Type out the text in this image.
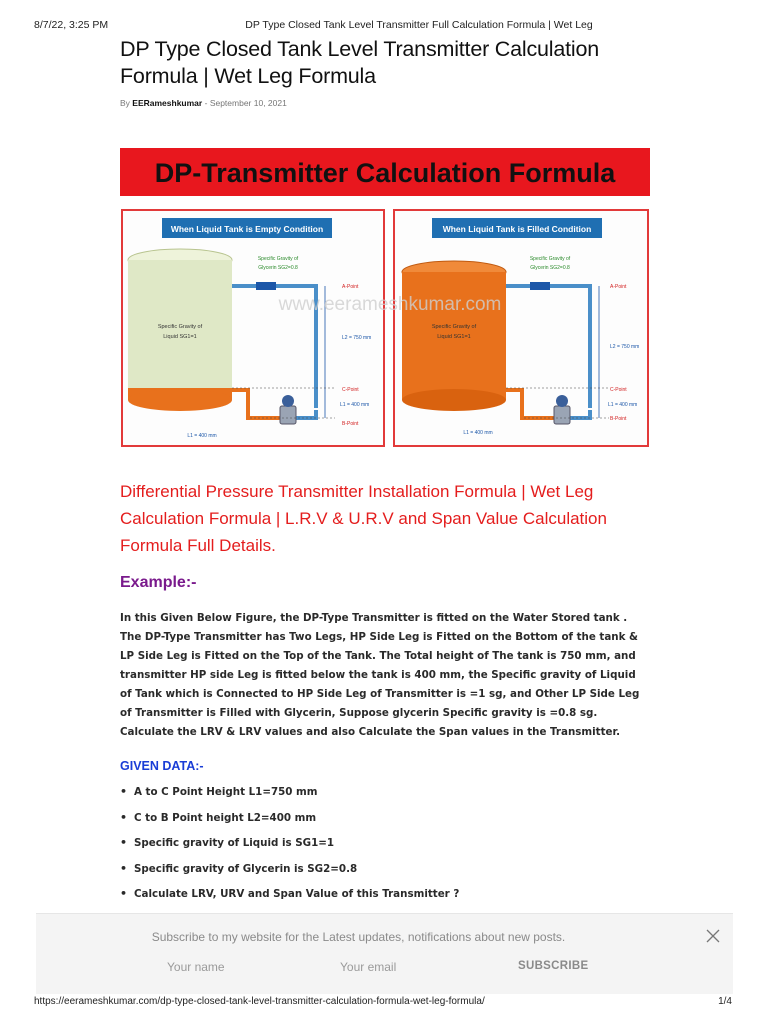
8/7/22, 3:25 PM	DP Type Closed Tank Level Transmitter Full Calculation Formula | Wet Leg
DP Type Closed Tank Level Transmitter Calculation Formula | Wet Leg Formula
By EERameshkumar - September 10, 2021
DP-Transmitter Calculation Formula
When Liquid Tank is Empty Condition
Specific Gravity of
Liquid SG1=1
Specific Gravity of
Glycerin SG2=0.8
A-Point
L2 = 750 mm
C-Point
L1 = 400 mm
B-Point
L1 = 400 mm
When Liquid Tank is Filled Condition
Specific Gravity of
Liquid SG1=1
Specific Gravity of
Glycerin SG2=0.8
A-Point
L2 = 750 mm
C-Point
L1 = 400 mm
B-Point
L1 = 400 mm
www.eerameshkumar.com

Differential Pressure Transmitter Installation Formula | Wet Leg Calculation Formula | L.R.V & U.R.V and Span Value Calculation Formula Full Details.

Example:-

In this Given Below Figure, the DP-Type Transmitter is fitted on the Water Stored tank . The DP-Type Transmitter has Two Legs, HP Side Leg is Fitted on the Bottom of the tank & LP Side Leg is Fitted on the Top of the Tank. The Total height of The tank is 750 mm, and transmitter HP side Leg is fitted below the tank is 400 mm, the Specific gravity of Liquid of Tank which is Connected to HP Side Leg of Transmitter is =1 sg, and Other LP Side Leg of Transmitter is Filled with Glycerin, Suppose glycerin Specific gravity is =0.8 sg. Calculate the LRV & LRV values and also Calculate the Span values in the Transmitter.

GIVEN DATA:-
• A to C Point Height L1=750 mm
• C to B Point height L2=400 mm
• Specific gravity of Liquid is SG1=1
• Specific gravity of Glycerin is SG2=0.8
• Calculate LRV, URV and Span Value of this Transmitter ?
Subscribe to my website for the Latest updates, notifications about new posts.
Your name
Your email
SUBSCRIBE
https://eerameshkumar.com/dp-type-closed-tank-level-transmitter-calculation-formula-wet-leg-formula/	1/4
